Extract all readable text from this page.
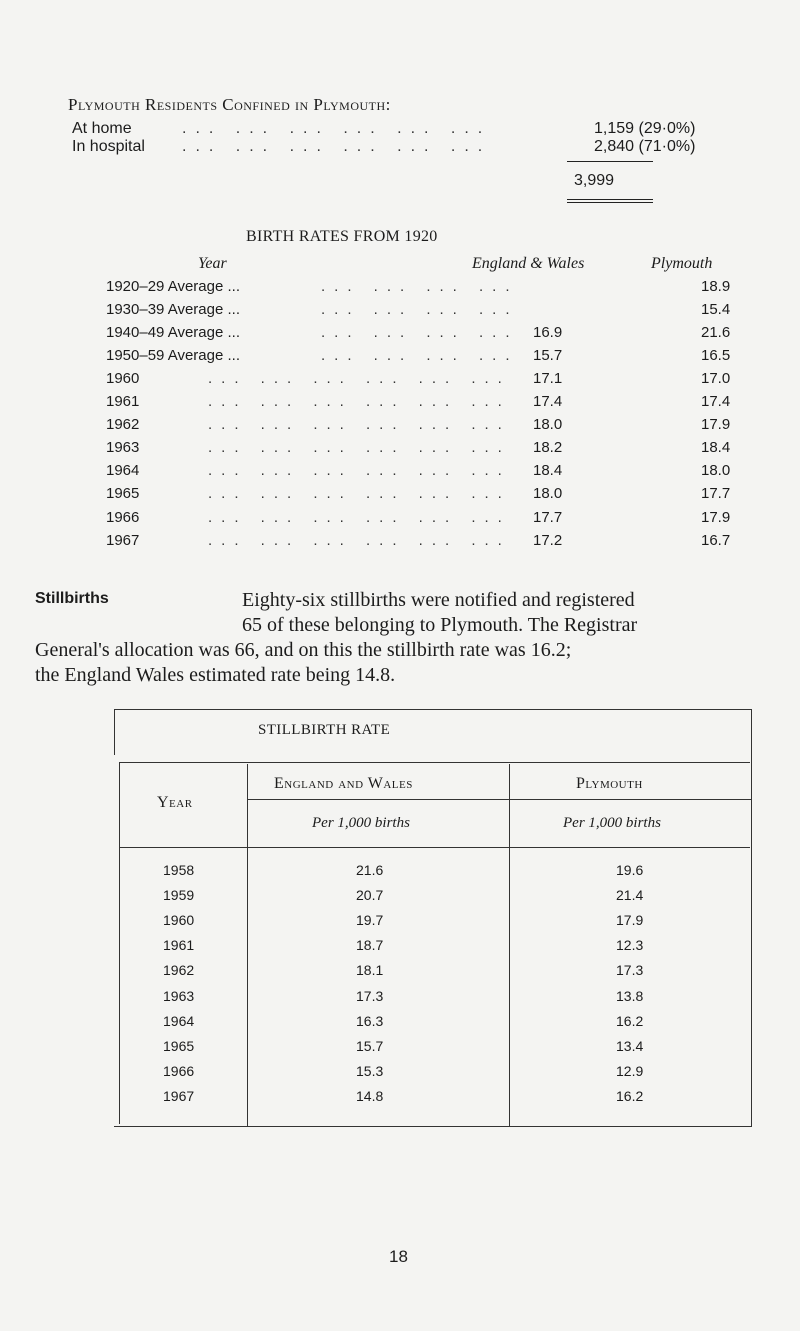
Plymouth Residents Confined in Plymouth:
At home	... ... ... ... ... ...	1,159 (29·0%)
In hospital ... ... ... ... ... ...	2,840 (71·0%)
3,999
BIRTH RATES FROM 1920
Year	England & Wales	Plymouth
1920–29 Average ...	... ... ... ...	18.9
1930–39 Average ...	... ... ... ...	15.4
1940–49 Average ...	... ... ... ... 16.9	21.6
1950–59 Average ...	... ... ... ... 15.7	16.5
1960	... ... ... ... ... ... 17.1	17.0
1961	... ... ... ... ... ... 17.4	17.4
1962	... ... ... ... ... ... 18.0	17.9
1963	... ... ... ... ... ... 18.2	18.4
1964	... ... ... ... ... ... 18.4	18.0
1965	... ... ... ... ... ... 18.0	17.7
1966	... ... ... ... ... ... 17.7	17.9
1967	... ... ... ... ... ... 17.2	16.7
Stillbirths	Eighty-six stillbirths were notified and registered
65 of these belonging to Plymouth. The Registrar
General's allocation was 66, and on this the stillbirth rate was 16.2;
the England Wales estimated rate being 14.8.
STILLBIRTH RATE
Year
England and Wales	Plymouth
Per 1,000 births	Per 1,000 births
1958	21.6	19.6
1959	20.7	21.4
1960	19.7	17.9
1961	18.7	12.3
1962	18.1	17.3
1963	17.3	13.8
1964	16.3	16.2
1965	15.7	13.4
1966	15.3	12.9
1967	14.8	16.2
18
